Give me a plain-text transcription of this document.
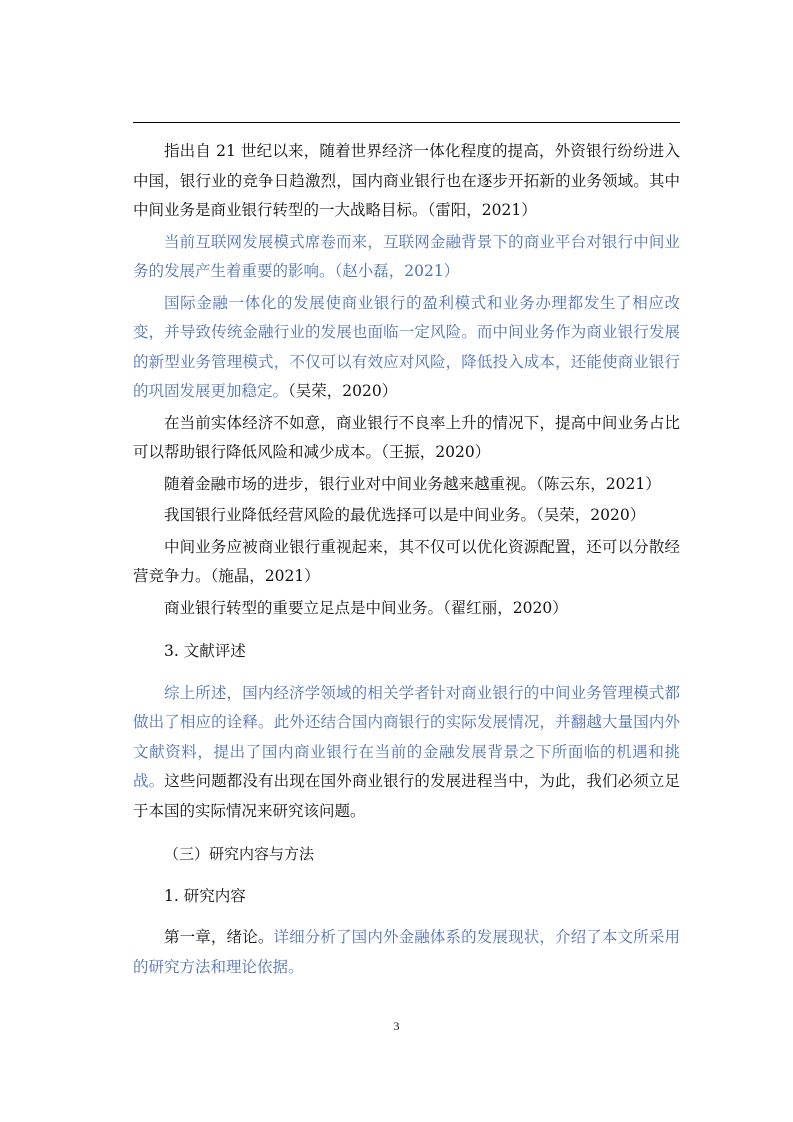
指出自 21 世纪以来，随着世界经济一体化程度的提高，外资银行纷纷进入中国，银行业的竞争日趋激烈，国内商业银行也在逐步开拓新的业务领域。其中中间业务是商业银行转型的一大战略目标。（雷阳，2021）

当前互联网发展模式席卷而来，互联网金融背景下的商业平台对银行中间业务的发展产生着重要的影响。（赵小磊，2021）

国际金融一体化的发展使商业银行的盈利模式和业务办理都发生了相应改变，并导致传统金融行业的发展也面临一定风险。而中间业务作为商业银行发展的新型业务管理模式，不仅可以有效应对风险，降低投入成本，还能使商业银行的巩固发展更加稳定。（吴荣，2020）

在当前实体经济不如意，商业银行不良率上升的情况下，提高中间业务占比可以帮助银行降低风险和减少成本。（王振，2020）

随着金融市场的进步，银行业对中间业务越来越重视。（陈云东，2021）

我国银行业降低经营风险的最优选择可以是中间业务。（吴荣，2020）

中间业务应被商业银行重视起来，其不仅可以优化资源配置，还可以分散经营竞争力。（施晶，2021）

商业银行转型的重要立足点是中间业务。（翟红丽，2020）

3. 文献评述

综上所述，国内经济学领域的相关学者针对商业银行的中间业务管理模式都做出了相应的诠释。此外还结合国内商银行的实际发展情况，并翻越大量国内外文献资料，提出了国内商业银行在当前的金融发展背景之下所面临的机遇和挑战。这些问题都没有出现在国外商业银行的发展进程当中，为此，我们必须立足于本国的实际情况来研究该问题。

（三）研究内容与方法

1. 研究内容

第一章，绪论。详细分析了国内外金融体系的发展现状，介绍了本文所采用的研究方法和理论依据。

3
